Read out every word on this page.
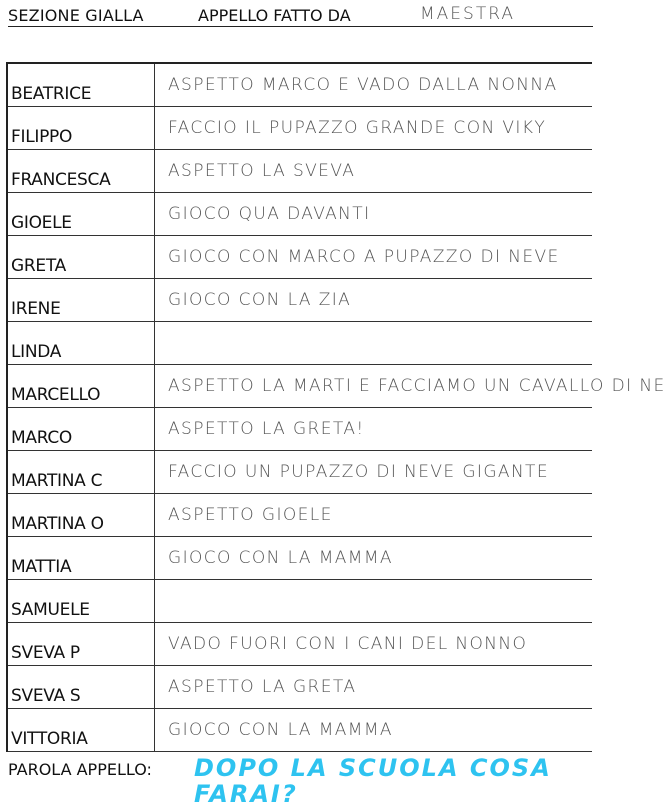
SEZIONE GIALLA	APPELLO FATTO DA	MAESTRA
BEATRICE	ASPETTO MARCO E VADO DALLA NONNA
FILIPPO	FACCIO IL PUPAZZO GRANDE CON VIKY
FRANCESCA	ASPETTO LA SVEVA
GIOELE	GIOCO QUA DAVANTI
GRETA	GIOCO CON MARCO A PUPAZZO DI NEVE
IRENE	GIOCO CON LA ZIA
LINDA
MARCELLO	ASPETTO LA MARTI E FACCIAMO UN CAVALLO DI NE
MARCO	ASPETTO LA GRETA!
MARTINA C	FACCIO UN PUPAZZO DI NEVE GIGANTE
MARTINA O	ASPETTO GIOELE
MATTIA	GIOCO CON LA MAMMA
SAMUELE
SVEVA P	VADO FUORI CON I CANI DEL NONNO
SVEVA S	ASPETTO LA GRETA
VITTORIA	GIOCO CON LA MAMMA
PAROLA APPELLO: DOPO LA SCUOLA COSA
FARAI?
